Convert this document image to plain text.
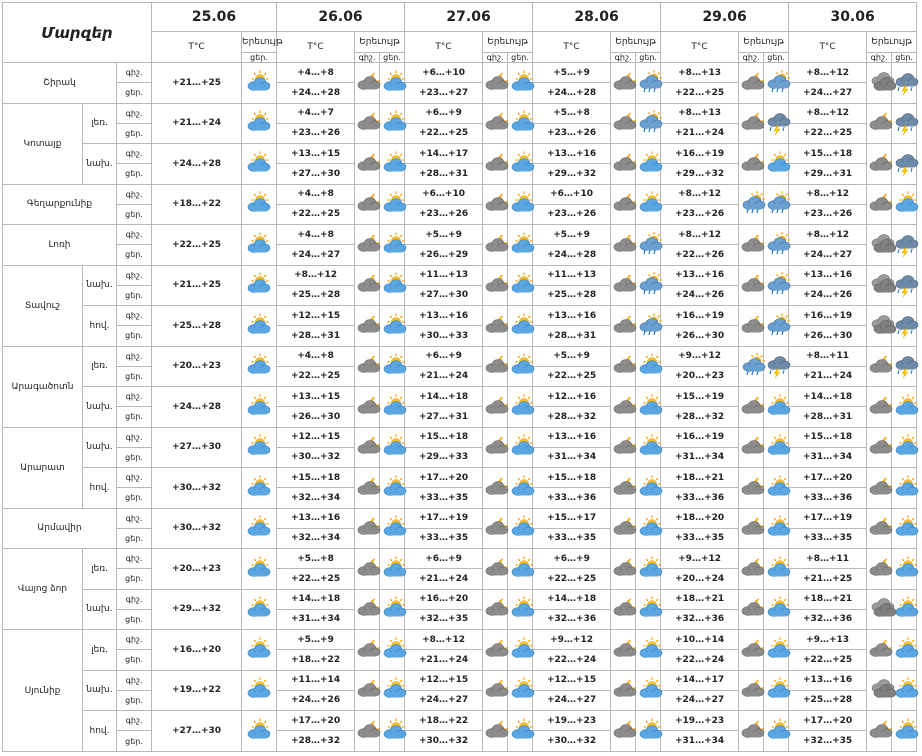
Մարզեր			25.06		26.06			27.06			28.06			29.06			30.06		
			T°C	Երեւույթ	T°C	Երեւույթ		T°C	Երեւույթ		T°C	Երեւույթ		T°C	Երեւույթ		T°C	Երեւույթ	
				ցեր.		գիշ.	ցեր.		գիշ.	ցեր.		գիշ.	ցեր.		գիշ.	ցեր.		գիշ.	ցեր.
Շիրակ		գիշ.	+21…+25		+4…+8			+6…+10			+5…+9			+8…+13			+8…+12	

		ցեր.			+24…+28			+23…+27			+24…+28			+22…+25			+24…+27		
Կոտայք	լեռ.	գիշ.	+21…+24		+4…+7			+6…+9			+5…+8			+8…+13			+8…+12	

		ցեր.			+23…+26			+22…+25			+23…+26			+21…+24			+22…+25		
	նախ.	գիշ.	+24…+28		+13…+15			+14…+17			+13…+16			+16…+19			+15…+18	

		ցեր.			+27…+30			+28…+31			+29…+32			+29…+32			+29…+31		
Գեղարքունիք		գիշ.	+18…+22		+4…+8			+6…+10			+6…+10			+8…+12			+8…+12	

		ցեր.			+22…+25			+23…+26			+23…+26			+23…+26			+23…+26		
Լոռի		գիշ.	+22…+25		+4…+8			+5…+9			+5…+9			+8…+12			+8…+12	

		ցեր.			+24…+27			+26…+29			+24…+28			+22…+26			+24…+27		
Տավուշ	նախ.	գիշ.	+21…+25		+8…+12			+11…+13			+11…+13			+13…+16			+13…+16	

		ցեր.			+25…+28			+27…+30			+25…+28			+24…+26			+24…+26		
	հով.	գիշ.	+25…+28		+12…+15			+13…+16			+13…+16			+16…+19			+16…+19	

		ցեր.			+28…+31			+30…+33			+28…+31			+26…+30			+26…+30		
Արագածոտն	լեռ.	գիշ.	+20…+23		+4…+8			+6…+9			+5…+9			+9…+12			+8…+11	

		ցեր.			+22…+25			+21…+24			+22…+25			+20…+23			+21…+24		
	նախ.	գիշ.	+24…+28		+13…+15			+14…+18			+12…+16			+15…+19			+14…+18	

		ցեր.			+26…+30			+27…+31			+28…+32			+28…+32			+28…+31		
Արարատ	նախ.	գիշ.	+27…+30		+12…+15			+15…+18			+13…+16			+16…+19			+15…+18	

		ցեր.			+30…+32			+29…+33			+31…+34			+31…+34			+31…+34		
	հով.	գիշ.	+30…+32		+15…+18			+17…+20			+15…+18			+18…+21			+17…+20	

		ցեր.			+32…+34			+33…+35			+33…+36			+33…+36			+33…+36		
Արմավիր		գիշ.	+30…+32		+13…+16			+17…+19			+15…+17			+18…+20			+17…+19	

		ցեր.			+32…+34			+33…+35			+33…+35			+33…+35			+33…+35		
Վայոց ձոր	լեռ.	գիշ.	+20…+23		+5…+8			+6…+9			+6…+9			+9…+12			+8…+11	

		ցեր.			+22…+25			+21…+24			+22…+25			+20…+24			+21…+25		
	նախ.	գիշ.	+29…+32		+14…+18			+16…+20			+14…+18			+18…+21			+18…+21	

		ցեր.			+31…+34			+32…+35			+32…+36			+32…+36			+32…+36		
Սյունիք	լեռ.	գիշ.	+16…+20		+5…+9			+8…+12			+9…+12			+10…+14			+9…+13	

		ցեր.			+18…+22			+21…+24			+22…+24			+22…+24			+22…+25		
	նախ.	գիշ.	+19…+22		+11…+14			+12…+15			+12…+15			+14…+17			+13…+16	

		ցեր.			+24…+26			+24…+27			+24…+27			+24…+27			+25…+28		
	հով.	գիշ.	+27…+30		+17…+20			+18…+22			+19…+23			+19…+23			+17…+20	

		ցեր.			+28…+32			+30…+32			+30…+32			+31…+34			+32…+35		
